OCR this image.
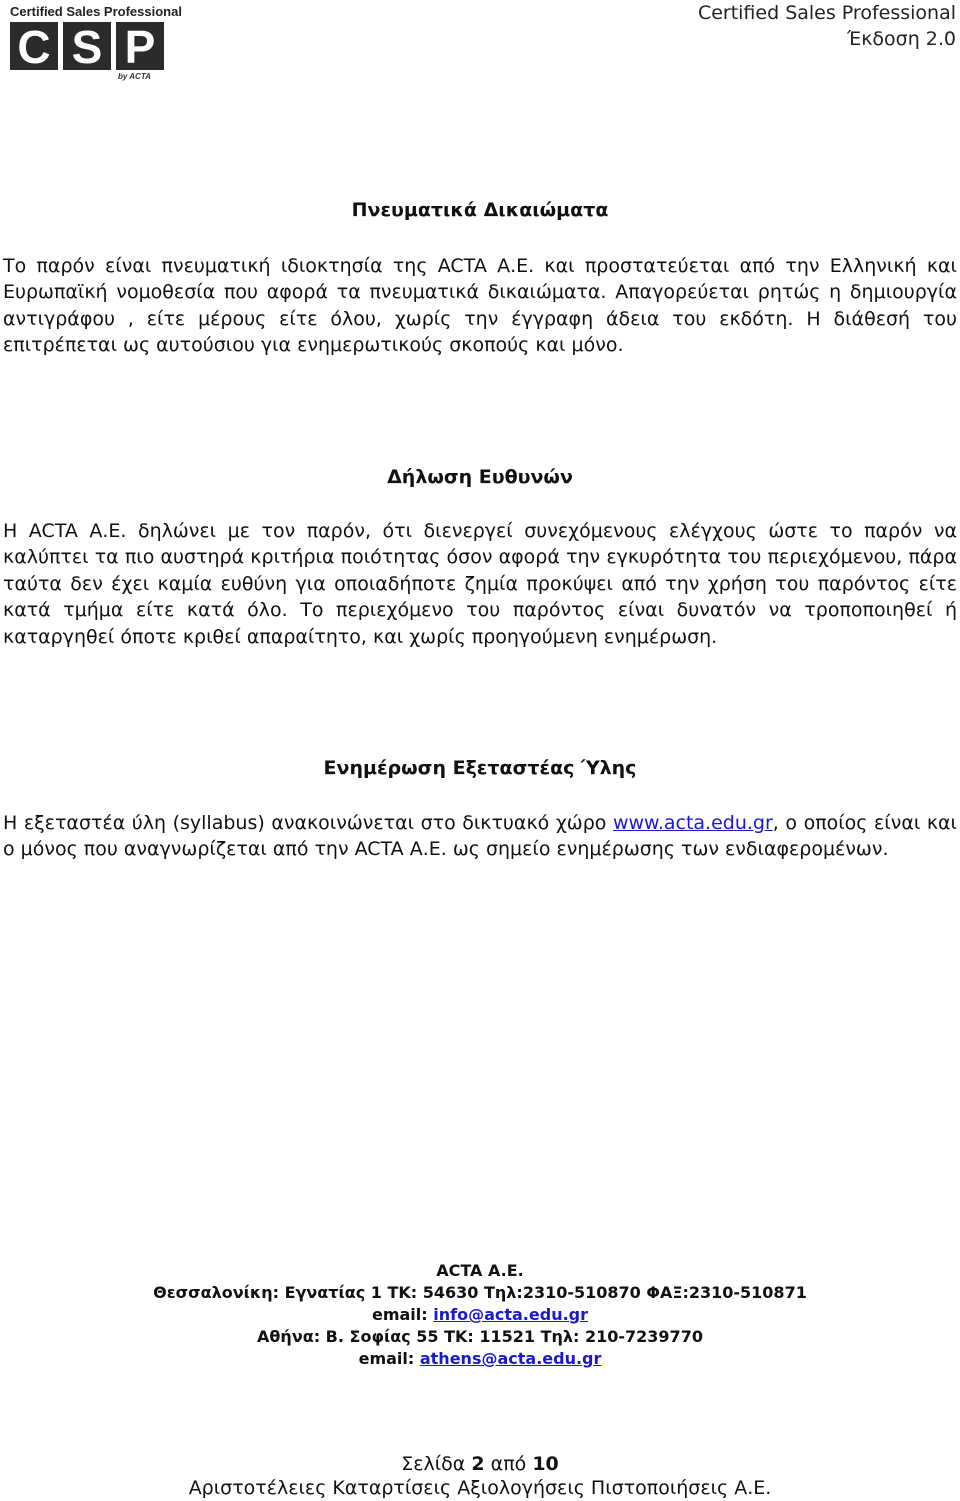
Certified Sales Professional
C S P
by ACTA
Certified Sales Professional
Έκδοση 2.0
Πνευματικά Δικαιώματα
Το παρόν είναι πνευματική ιδιοκτησία της ACTA Α.Ε. και προστατεύεται από την Ελληνική και Ευρωπαϊκή νομοθεσία που αφορά τα πνευματικά δικαιώματα. Απαγορεύεται ρητώς η δημιουργία αντιγράφου , είτε μέρους είτε όλου, χωρίς την έγγραφη άδεια του εκδότη. Η διάθεσή του επιτρέπεται ως αυτούσιου για ενημερωτικούς σκοπούς και μόνο.
Δήλωση Ευθυνών
Η ACTA Α.Ε. δηλώνει με τον παρόν, ότι διενεργεί συνεχόμενους ελέγχους ώστε το παρόν να καλύπτει τα πιο αυστηρά κριτήρια ποιότητας όσον αφορά την εγκυρότητα του περιεχόμενου, πάρα ταύτα δεν έχει καμία ευθύνη για οποιαδήποτε ζημία προκύψει από την χρήση του παρόντος είτε κατά τμήμα είτε κατά όλο. Το περιεχόμενο του παρόντος είναι δυνατόν να τροποποιηθεί ή καταργηθεί όποτε κριθεί απαραίτητο, και χωρίς προηγούμενη ενημέρωση.
Ενημέρωση Εξεταστέας Ύλης
Η εξεταστέα ύλη (syllabus) ανακοινώνεται στο δικτυακό χώρο www.acta.edu.gr, ο οποίος είναι και ο μόνος που αναγνωρίζεται από την ACTA Α.Ε. ως σημείο ενημέρωσης των ενδιαφερομένων.
ACTA A.E.
Θεσσαλονίκη: Εγνατίας 1 ΤΚ: 54630 Τηλ:2310-510870 ΦΑΞ:2310-510871
email: info@acta.edu.gr
Αθήνα: Β. Σοφίας 55 ΤΚ: 11521 Τηλ: 210-7239770
email: athens@acta.edu.gr
Σελίδα 2 από 10
Αριστοτέλειες Καταρτίσεις Αξιολογήσεις Πιστοποιήσεις Α.Ε.
